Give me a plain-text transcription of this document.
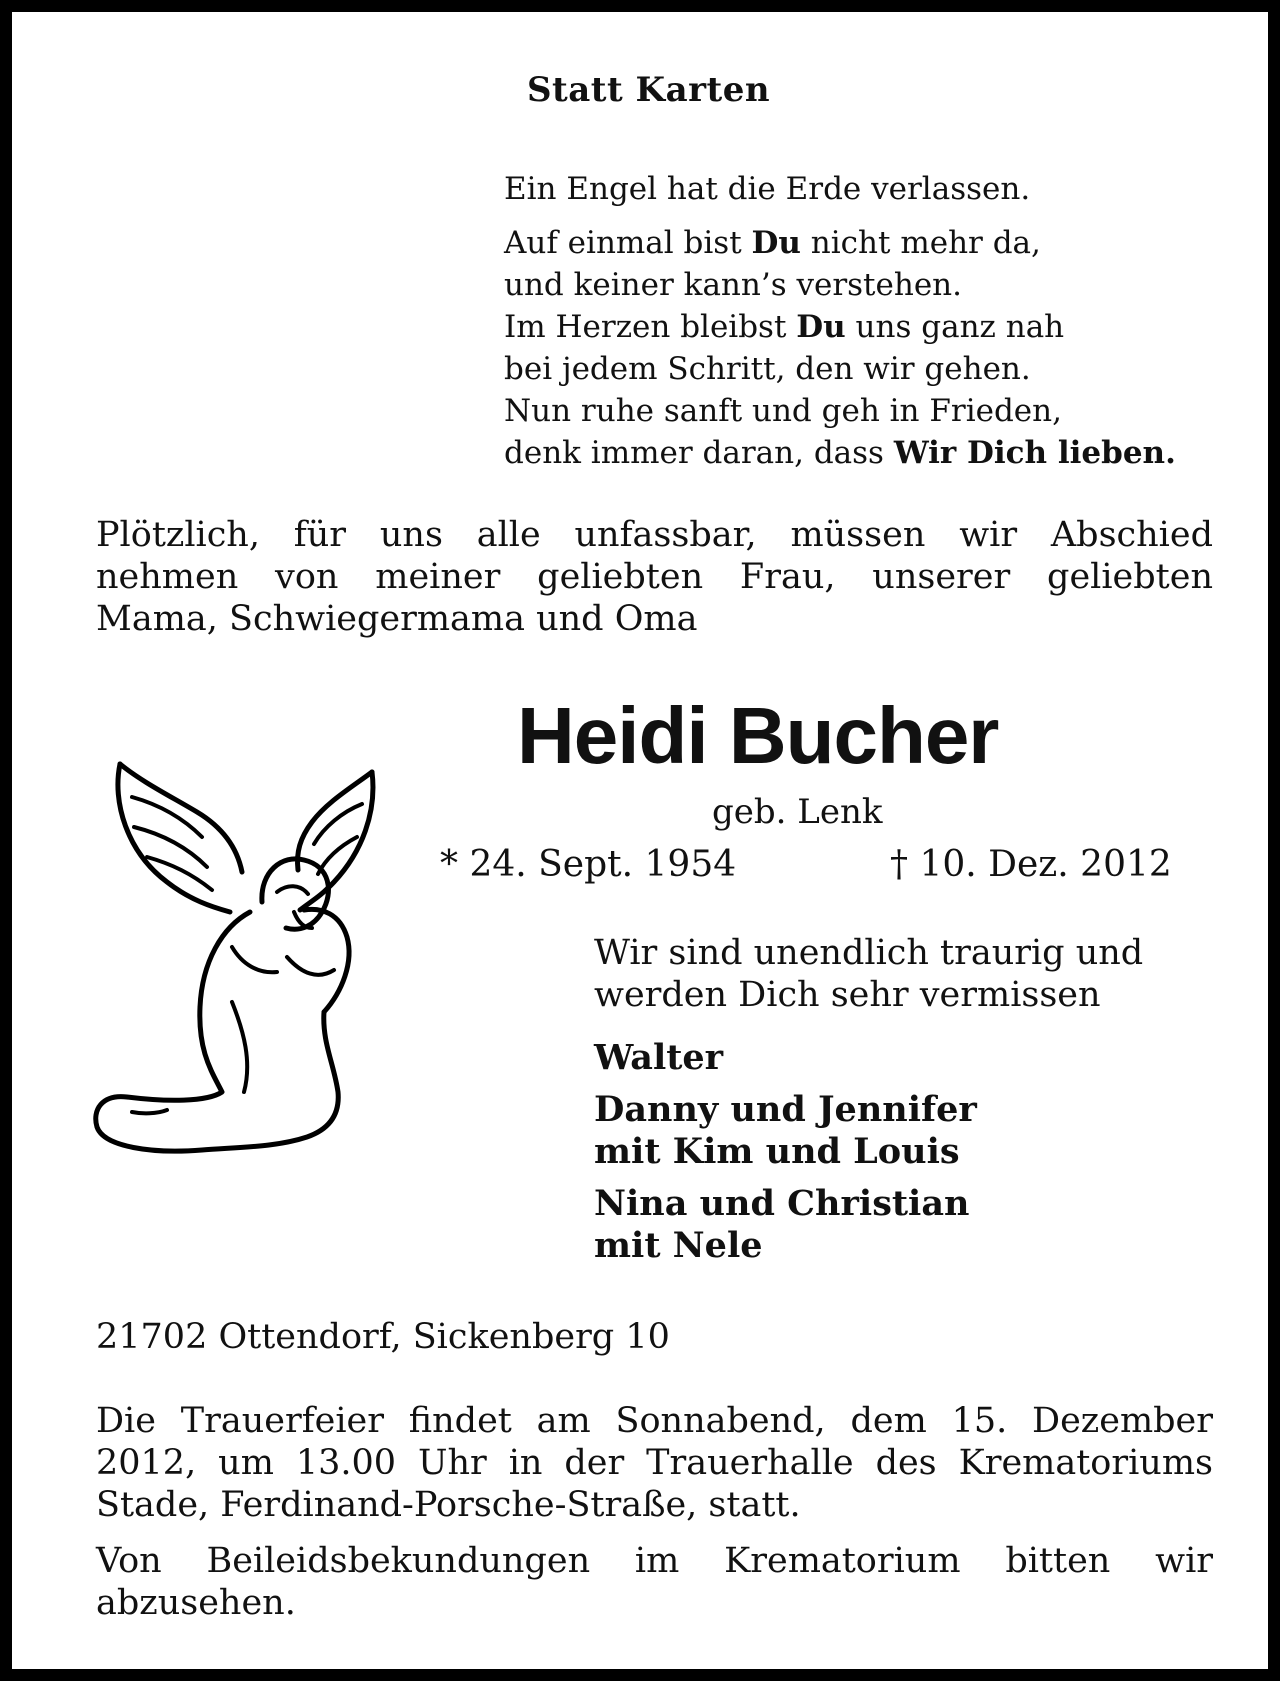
Statt Karten
Ein Engel hat die Erde verlassen.
Auf einmal bist Du nicht mehr da,
und keiner kann’s verstehen.
Im Herzen bleibst Du uns ganz nah
bei jedem Schritt, den wir gehen.
Nun ruhe sanft und geh in Frieden,
denk immer daran, dass Wir Dich lieben.
Plötzlich, für uns alle unfassbar, müssen wir Abschied
nehmen von meiner geliebten Frau, unserer geliebten
Mama, Schwiegermama und Oma
Heidi Bucher
geb. Lenk
* 24. Sept. 1954	† 10. Dez. 2012
Wir sind unendlich traurig und
werden Dich sehr vermissen
Walter
Danny und Jennifer
mit Kim und Louis
Nina und Christian
mit Nele
21702 Ottendorf, Sickenberg 10
Die Trauerfeier findet am Sonnabend, dem 15. Dezember
2012, um 13.00 Uhr in der Trauerhalle des Krematoriums
Stade, Ferdinand-Porsche-Straße, statt.
Von Beileidsbekundungen im Krematorium bitten wir
abzusehen.
